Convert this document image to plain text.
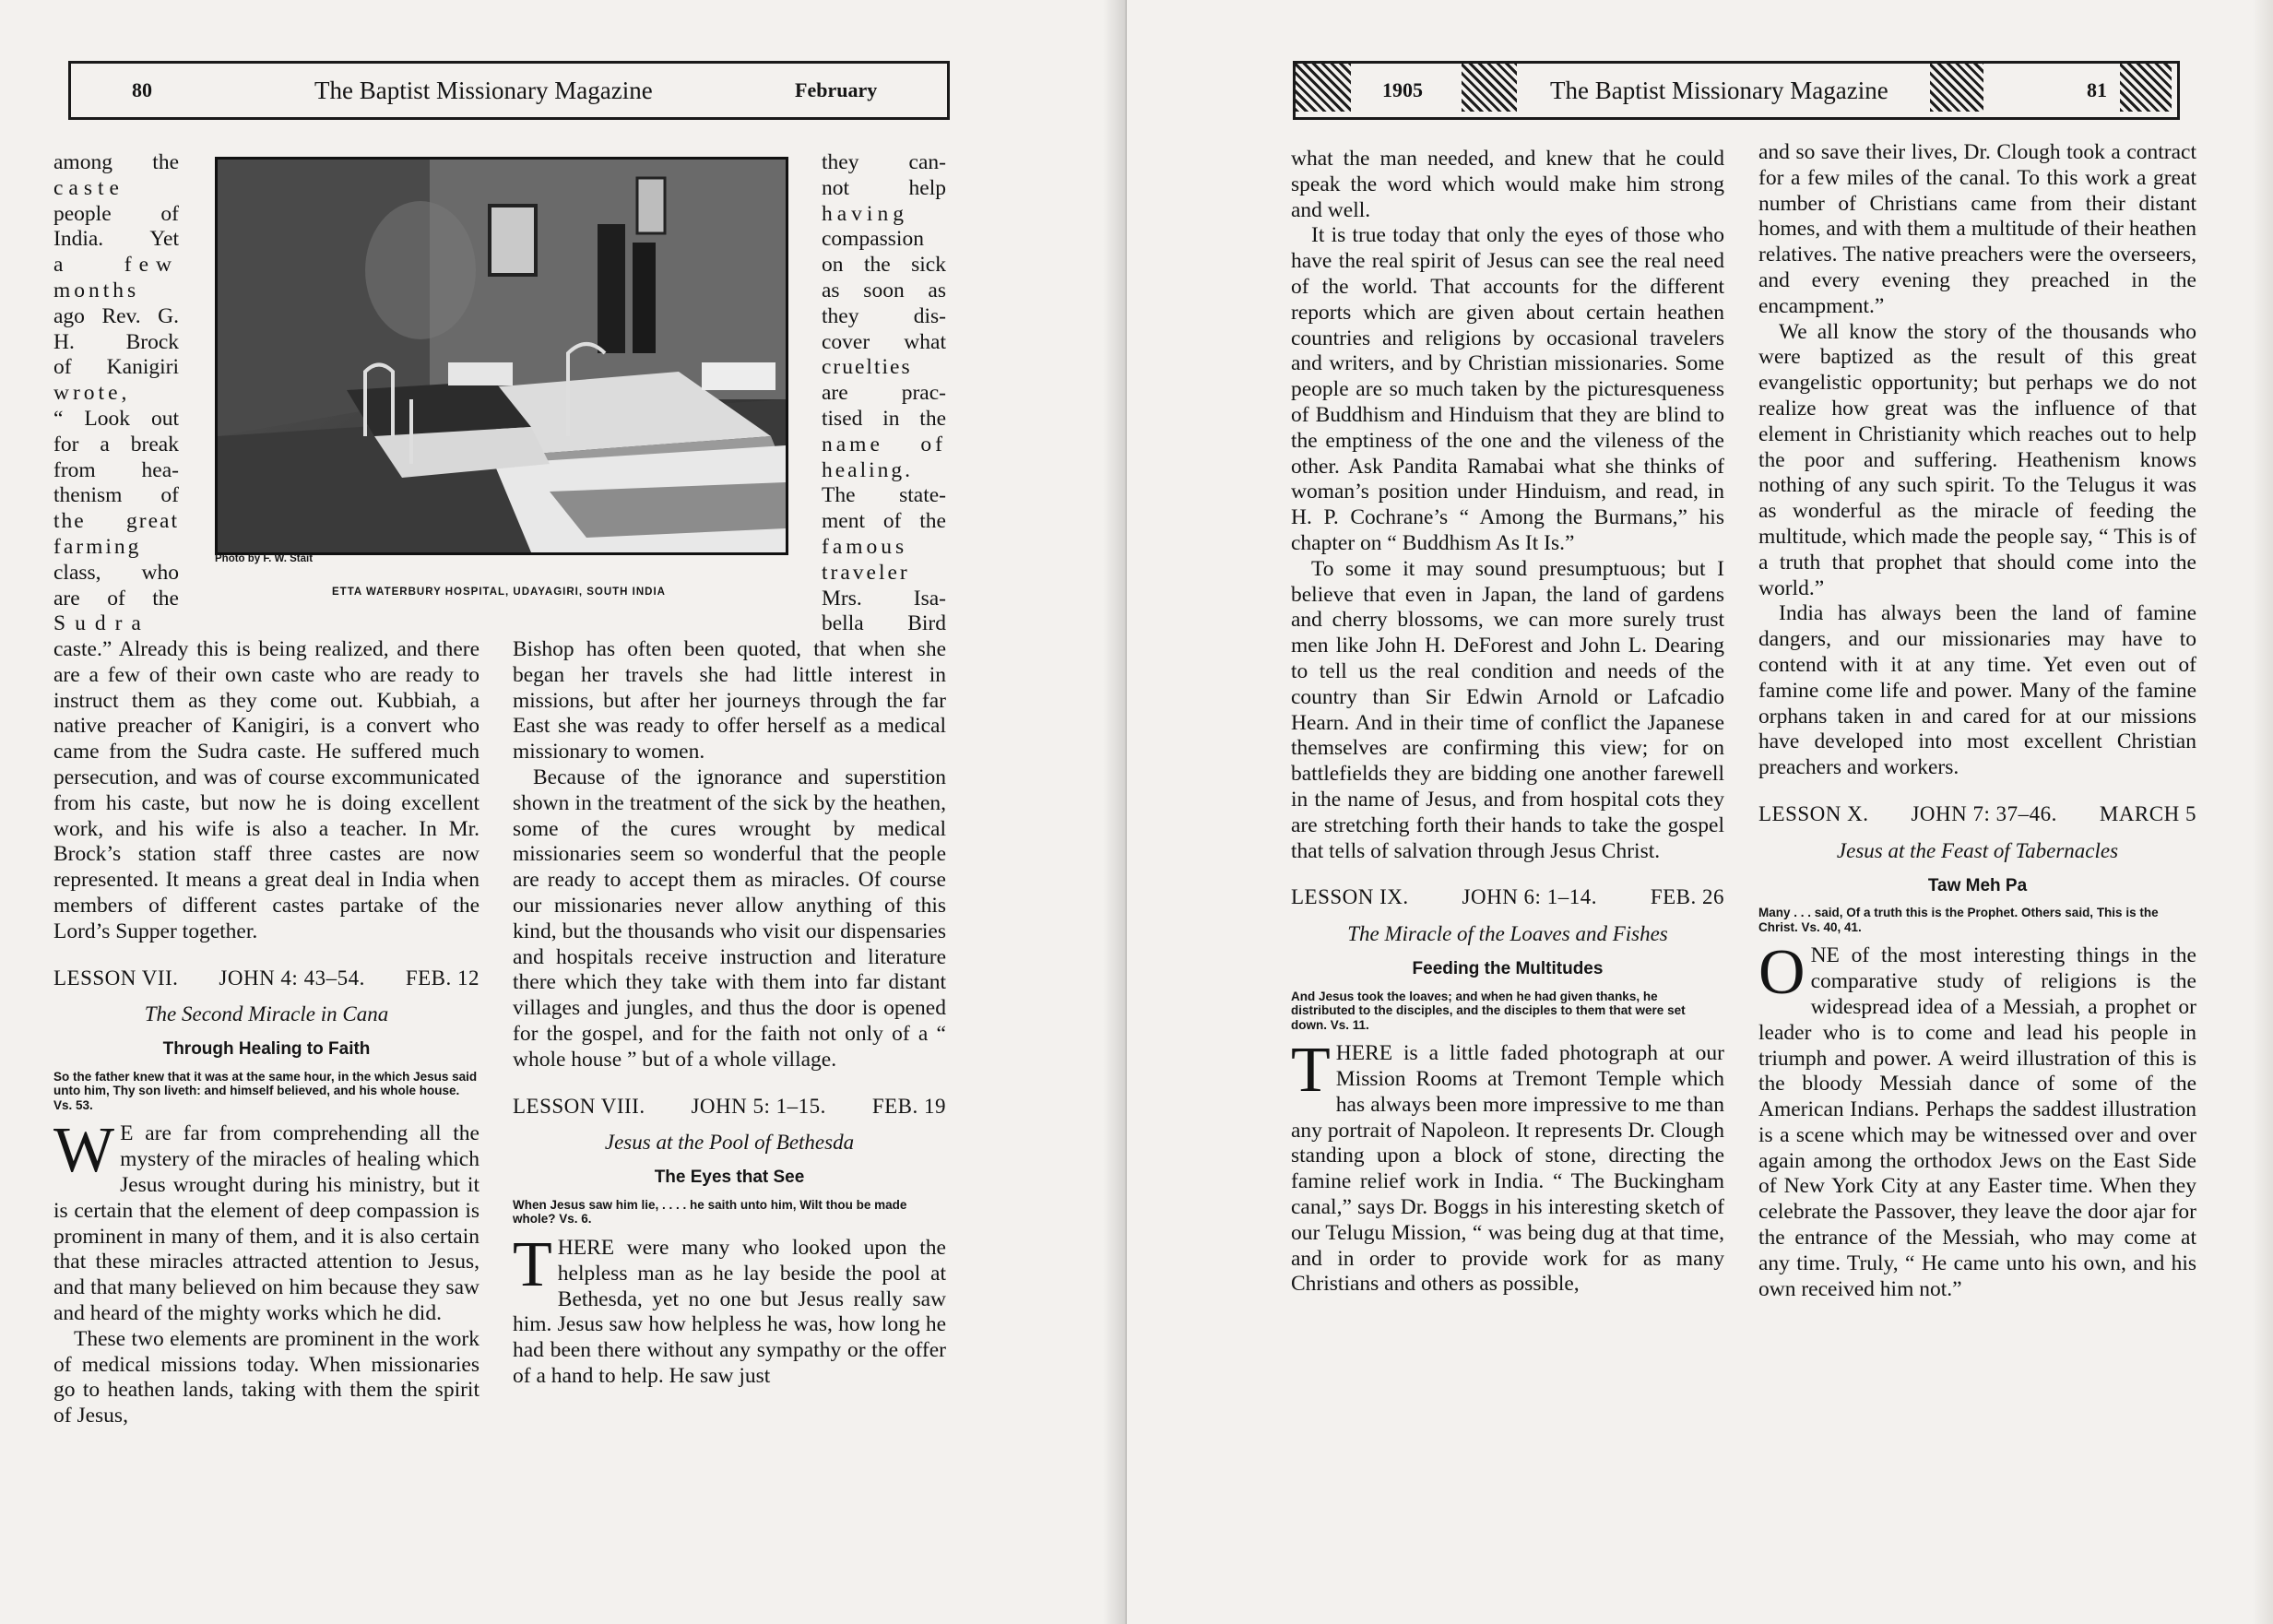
80	The Baptist Missionary Magazine	February
Photo by F. W. Stait
ETTA WATERBURY HOSPITAL, UDAYAGIRI, SOUTH INDIA
among the
caste
people of
India. Yet
a few
months
ago Rev. G.
H. Brock
of Kanigiri
wrote,
“ Look out
for a break
from hea-
thenism of
the great
farming
class, who
are of the
Sudra

caste.” Already this is being realized, and there are a few of their own caste who are ready to instruct them as they come out. Kubbiah, a native preacher of Kanigiri, is a convert who came from the Sudra caste. He suffered much persecution, and was of course excommunicated from his caste, but now he is doing excellent work, and his wife is also a teacher. In Mr. Brock’s station staff three castes are now represented. It means a great deal in India when members of different castes partake of the Lord’s Supper together.

LESSON VII. JOHN 4: 43–54. FEB. 12
The Second Miracle in Cana
Through Healing to Faith
So the father knew that it was at the same hour, in the which Jesus said unto him, Thy son liveth: and himself believed, and his whole house. Vs. 53.

W E are far from comprehending all the mystery of the miracles of healing which Jesus wrought during his ministry, but it is certain that the element of deep compassion is prominent in many of them, and it is also certain that these miracles attracted attention to Jesus, and that many believed on him because they saw and heard of the mighty works which he did.

These two elements are prominent in the work of medical missions today. When missionaries go to heathen lands, taking with them the spirit of Jesus,

they can-
not help
having
compassion
on the sick
as soon as
they dis-
cover what
cruelties
are prac-
tised in the
name of
healing.
The state-
ment of the
famous
traveler
Mrs. Isa-
bella Bird

Bishop has often been quoted, that when she began her travels she had little interest in missions, but after her journeys through the far East she was ready to offer herself as a medical missionary to women.

Because of the ignorance and superstition shown in the treatment of the sick by the heathen, some of the cures wrought by medical missionaries seem so wonderful that the people are ready to accept them as miracles. Of course our missionaries never allow anything of this kind, but the thousands who visit our dispensaries and hospitals receive instruction and literature there which they take with them into far distant villages and jungles, and thus the door is opened for the gospel, and for the faith not only of a “ whole house ” but of a whole village.

LESSON VIII. JOHN 5: 1–15. FEB. 19
Jesus at the Pool of Bethesda
The Eyes that See
When Jesus saw him lie, . . . . he saith unto him, Wilt thou be made whole? Vs. 6.

THERE were many who looked upon the helpless man as he lay beside the pool at Bethesda, yet no one but Jesus really saw him. Jesus saw how helpless he was, how long he had been there without any sympathy or the offer of a hand to help. He saw just

1905	The Baptist Missionary Magazine	81

what the man needed, and knew that he could speak the word which would make him strong and well.

It is true today that only the eyes of those who have the real spirit of Jesus can see the real need of the world. That accounts for the different reports which are given about certain heathen countries and religions by occasional travelers and writers, and by Christian missionaries. Some people are so much taken by the picturesqueness of Buddhism and Hinduism that they are blind to the emptiness of the one and the vileness of the other. Ask Pandita Ramabai what she thinks of woman’s position under Hinduism, and read, in H. P. Cochrane’s “ Among the Burmans,” his chapter on “ Buddhism As It Is.”

To some it may sound presumptuous; but I believe that even in Japan, the land of gardens and cherry blossoms, we can more surely trust men like John H. DeForest and John L. Dearing to tell us the real condition and needs of the country than Sir Edwin Arnold or Lafcadio Hearn. And in their time of conflict the Japanese themselves are confirming this view; for on battlefields they are bidding one another farewell in the name of Jesus, and from hospital cots they are stretching forth their hands to take the gospel that tells of salvation through Jesus Christ.

LESSON IX.	JOHN 6: 1–14.	FEB. 26
The Miracle of the Loaves and Fishes
Feeding the Multitudes
And Jesus took the loaves; and when he had given thanks, he distributed to the disciples, and the disciples to them that were set down. Vs. 11.

THERE is a little faded photograph at our Mission Rooms at Tremont Temple which has always been more impressive to me than any portrait of Napoleon. It represents Dr. Clough standing upon a block of stone, directing the famine relief work in India. “ The Buckingham canal,” says Dr. Boggs in his interesting sketch of our Telugu Mission, “ was being dug at that time, and in order to provide work for as many Christians and others as possible,

and so save their lives, Dr. Clough took a contract for a few miles of the canal. To this work a great number of Christians came from their distant homes, and with them a multitude of their heathen relatives. The native preachers were the overseers, and every evening they preached in the encampment.”

We all know the story of the thousands who were baptized as the result of this great evangelistic opportunity; but perhaps we do not realize how great was the influence of that element in Christianity which reaches out to help the poor and suffering. Heathenism knows nothing of any such spirit. To the Telugus it was as wonderful as the miracle of feeding the multitude, which made the people say, “ This is of a truth that prophet that should come into the world.”

India has always been the land of famine dangers, and our missionaries may have to contend with it at any time. Yet even out of famine come life and power. Many of the famine orphans taken in and cared for at our missions have developed into most excellent Christian preachers and workers.

LESSON X. JOHN 7: 37–46. MARCH 5
Jesus at the Feast of Tabernacles
Taw Meh Pa
Many . . . said, Of a truth this is the Prophet. Others said, This is the Christ. Vs. 40, 41.

ONE of the most interesting things in the comparative study of religions is the widespread idea of a Messiah, a prophet or leader who is to come and lead his people in triumph and power. A weird illustration of this is the bloody Messiah dance of some of the American Indians. Perhaps the saddest illustration is a scene which may be witnessed over and over again among the orthodox Jews on the East Side of New York City at any Easter time. When they celebrate the Passover, they leave the door ajar for the entrance of the Messiah, who may come at any time. Truly, “ He came unto his own, and his own received him not.”
